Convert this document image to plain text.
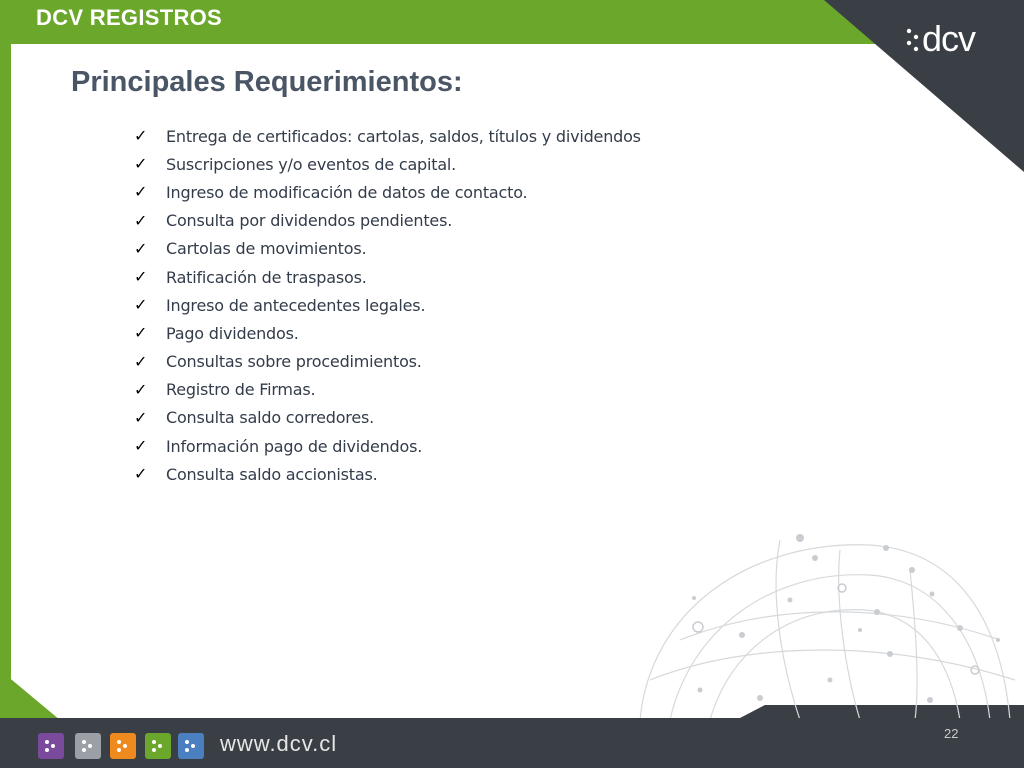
DCV REGISTROS

dcv

Principales Requerimientos:
✓	Entrega de certificados: cartolas, saldos, títulos y dividendos
✓	Suscripciones y/o eventos de capital.
✓	Ingreso de modificación de datos de contacto.
✓	Consulta por dividendos pendientes.
✓	Cartolas de movimientos.
✓	Ratificación de traspasos.
✓	Ingreso de antecedentes legales.
✓	Pago dividendos.
✓	Consultas sobre procedimientos.
✓	Registro de Firmas.
✓	Consulta saldo corredores.
✓	Información pago de dividendos.
✓	Consulta saldo accionistas.

www.dcv.cl	22
